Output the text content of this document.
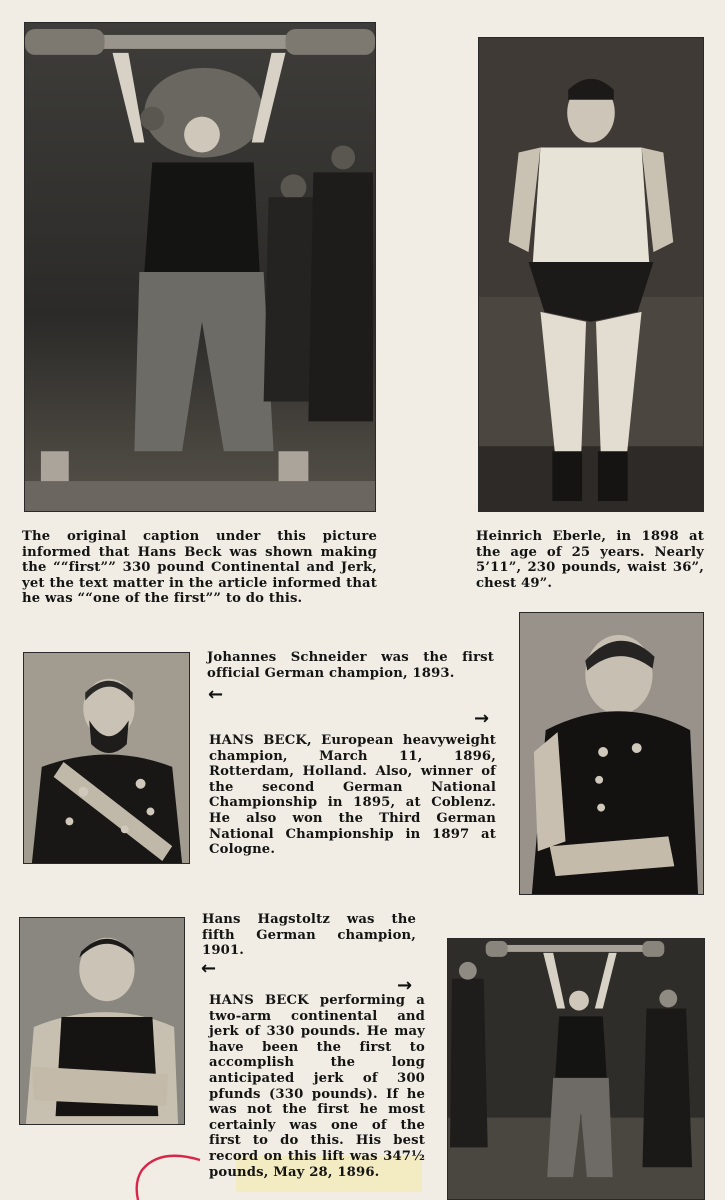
The original caption under this picture informed that Hans Beck was shown making the ““first”” 330 pound Continental and Jerk, yet the text matter in the article informed that he was ““one of the first”” to do this.

Heinrich Eberle, in 1898 at the age of 25 years. Nearly 5’11”, 230 pounds, waist 36”, chest 49”.

Johannes Schneider was the first official German champion, 1893.

←
→

HANS BECK, European heavyweight champion, March 11, 1896, Rotterdam, Holland. Also, winner of the second German National Championship in 1895, at Coblenz. He also won the Third German National Championship in 1897 at Cologne.

Hans Hagstoltz was the fifth German champion, 1901.

←
→

HANS BECK performing a two-arm continental and jerk of 330 pounds. He may have been the first to accomplish the long anticipated jerk of 300 pfunds (330 pounds). If he was not the first he most certainly was one of the first to do this. His best record on this lift was 347½ pounds, May 28, 1896.
